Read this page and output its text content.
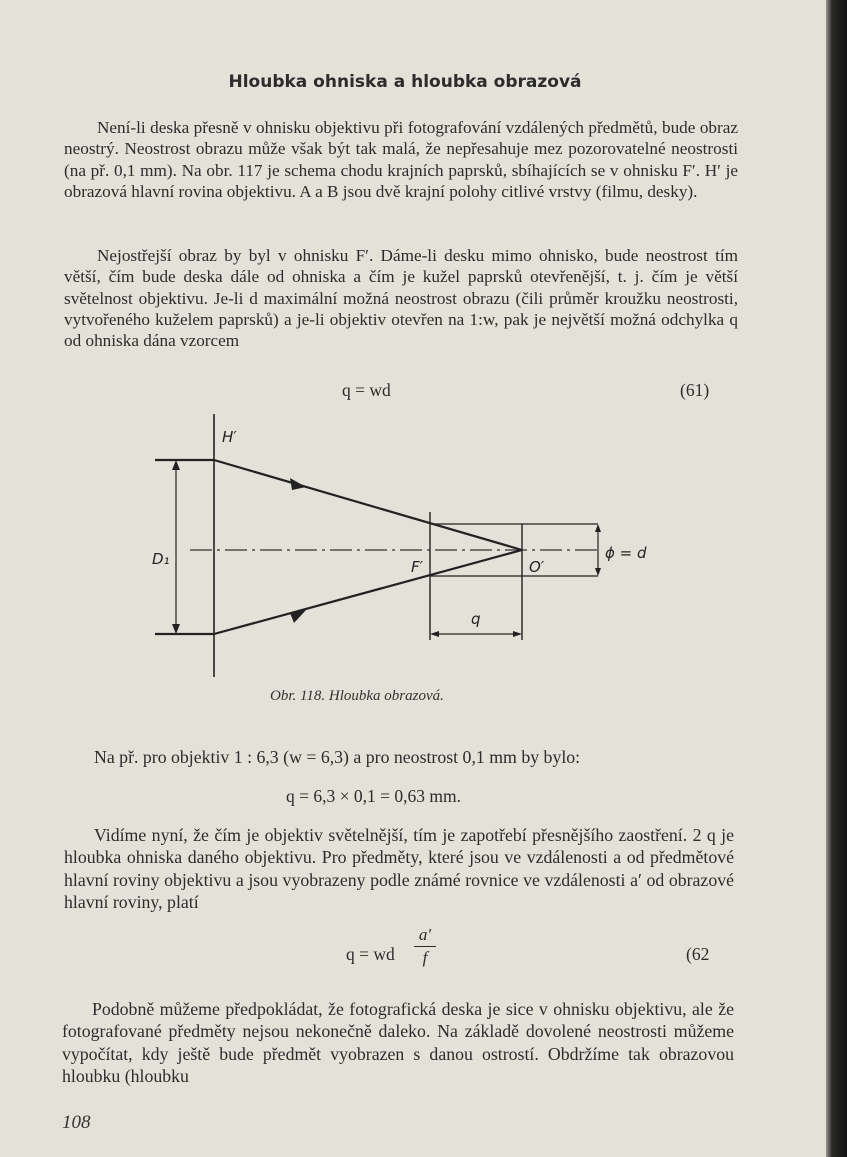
Hloubka ohniska a hloubka obrazová

Není-li deska přesně v ohnisku objektivu při fotografování vzdálených předmětů, bude obraz neostrý. Neostrost obrazu může však být tak malá, že nepřesahuje mez pozorovatelné neostrosti (na př. 0,1 mm). Na obr. 117 je schema chodu krajních paprsků, sbíhajících se v ohnisku F′. H′ je obrazová hlavní rovina objektivu. A a B jsou dvě krajní polohy citlivé vrstvy (filmu, desky).

Nejostřejší obraz by byl v ohnisku F′. Dáme-li desku mimo ohnisko, bude neostrost tím větší, čím bude deska dále od ohniska a čím je kužel paprsků otevřenější, t. j. čím je větší světelnost objektivu. Je-li d maximální možná neostrost obrazu (čili průměr kroužku neostrosti, vytvořeného kuželem paprsků) a je-li objektiv otevřen na 1:w, pak je největší možná odchylka q od ohniska dána vzorcem

q = wd	(61)
D₁
H′
F′	O′
ϕ = d
q
Obr. 118. Hloubka obrazová.

Na př. pro objektiv 1 : 6,3 (w = 6,3) a pro neostrost 0,1 mm by bylo:

q = 6,3 × 0,1 = 0,63 mm.

Vidíme nyní, že čím je objektiv světelnější, tím je zapotřebí přesnějšího zaostření. 2 q je hloubka ohniska daného objektivu. Pro předměty, které jsou ve vzdálenosti a od předmětové hlavní roviny objektivu a jsou vyobrazeny podle známé rovnice ve vzdálenosti a′ od obrazové hlavní roviny, platí

q = wd
a′
f	(62

Podobně můžeme předpokládat, že fotografická deska je sice v ohnisku objektivu, ale že fotografované předměty nejsou nekonečně daleko. Na základě dovolené neostrosti můžeme vypočítat, kdy ještě bude předmět vyobrazen s danou ostrostí. Obdržíme tak obrazovou hloubku (hloubku

108
